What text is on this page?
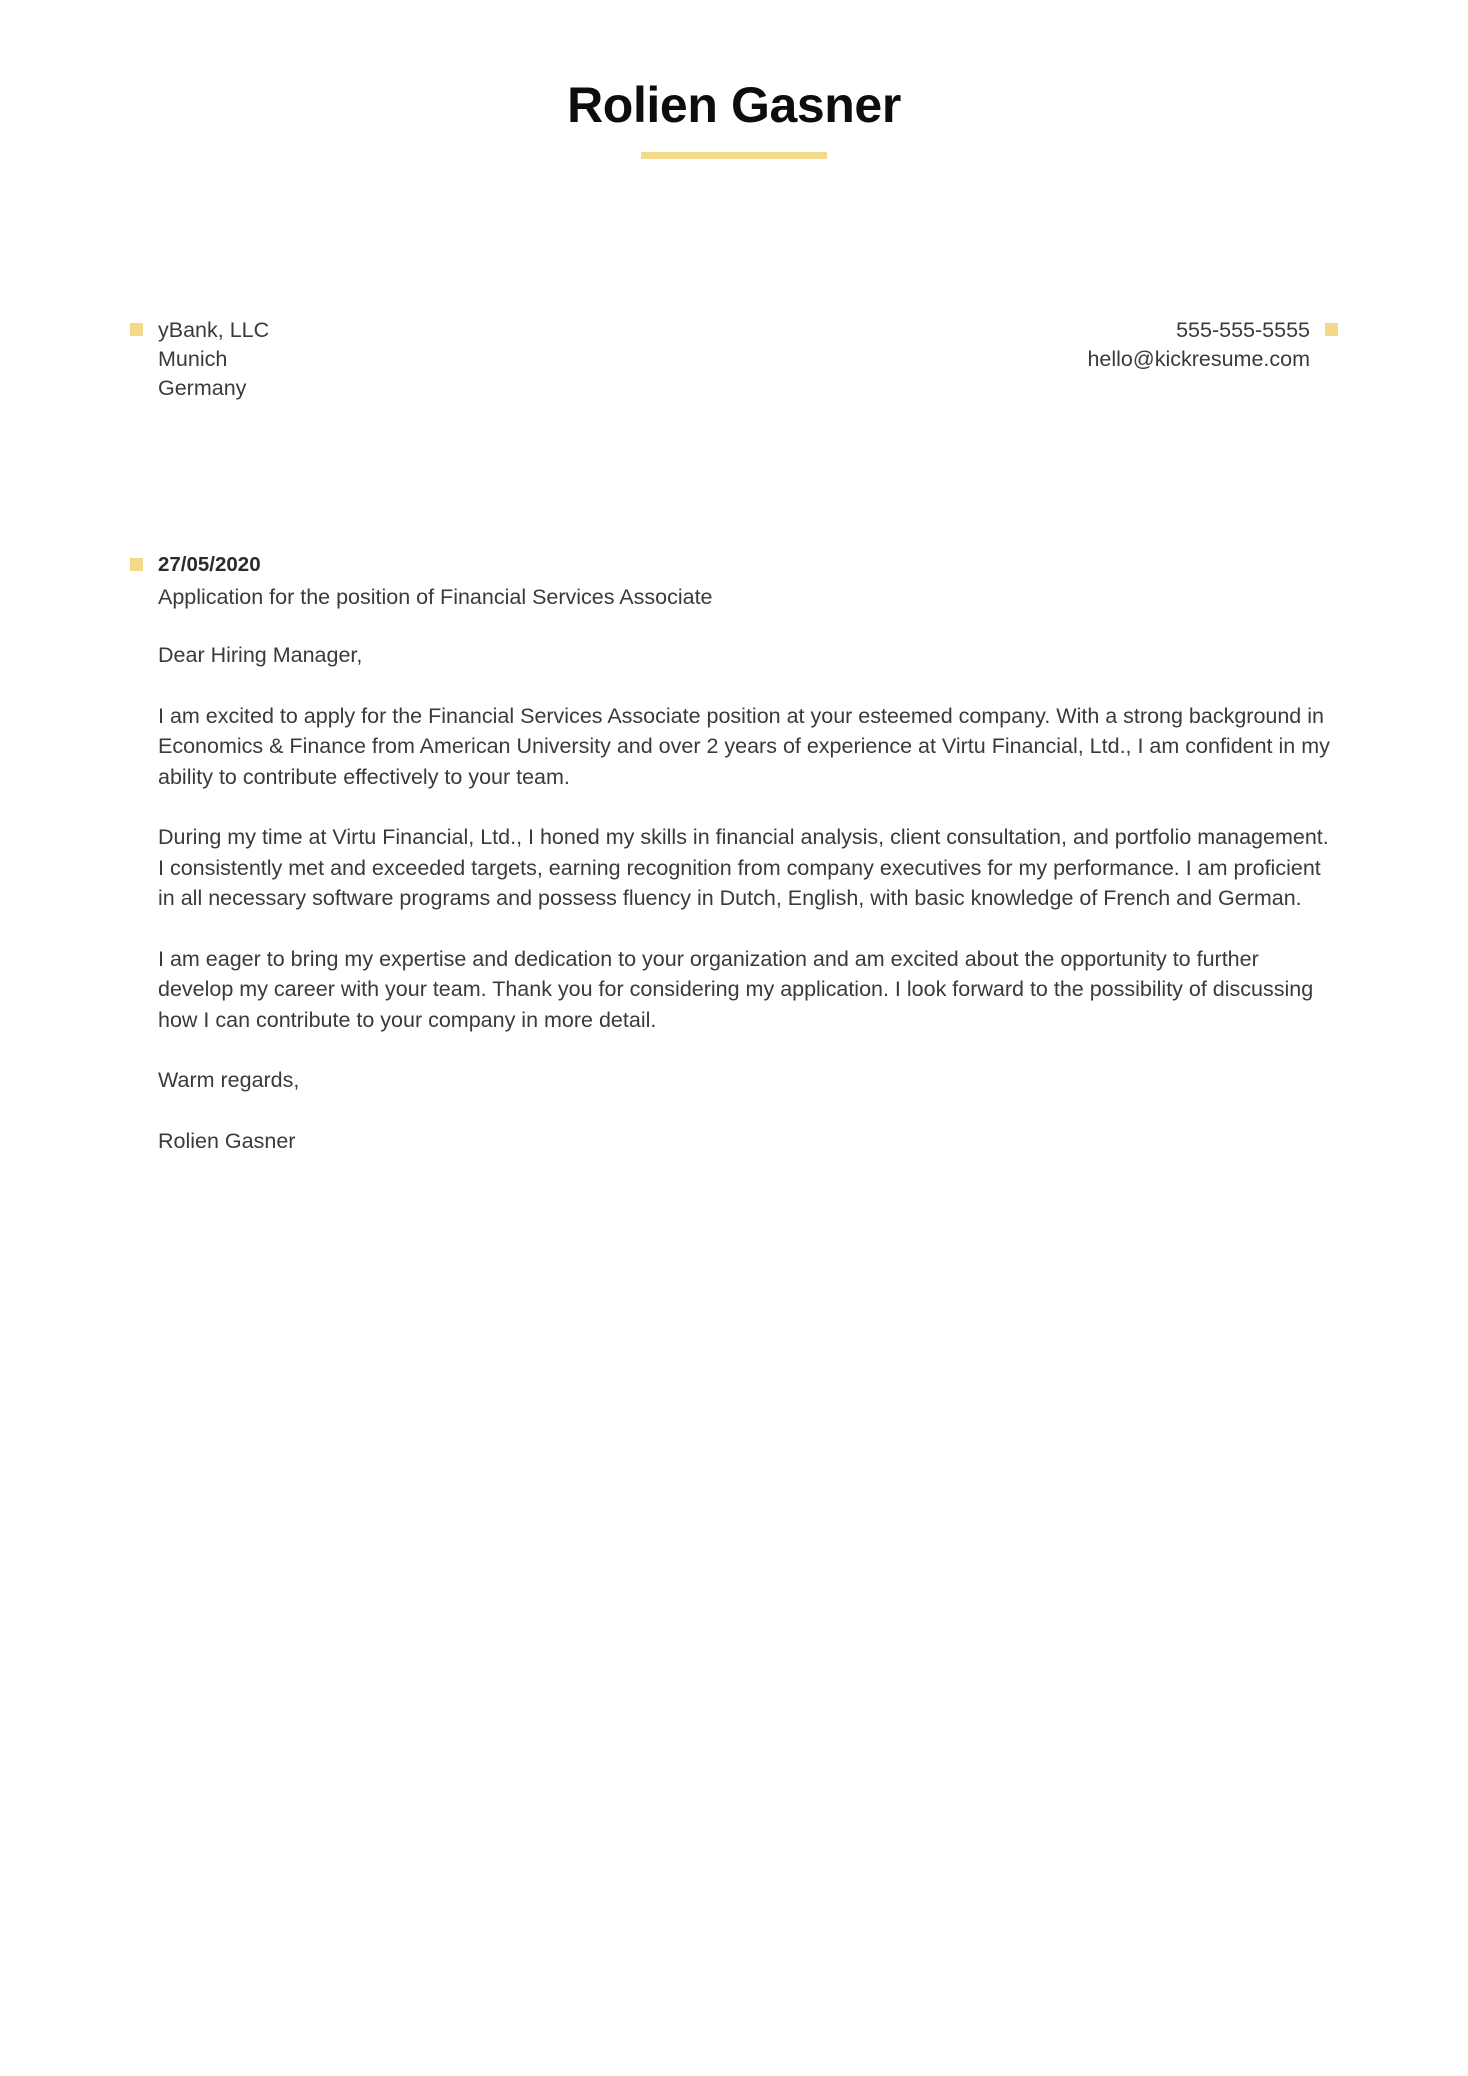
Rolien Gasner
yBank, LLC
Munich
Germany
555-555-5555
hello@kickresume.com
27/05/2020
Application for the position of Financial Services Associate

Dear Hiring Manager,

I am excited to apply for the Financial Services Associate position at your esteemed company. With a strong background in Economics & Finance from American University and over 2 years of experience at Virtu Financial, Ltd., I am confident in my ability to contribute effectively to your team.

During my time at Virtu Financial, Ltd., I honed my skills in financial analysis, client consultation, and portfolio management. I consistently met and exceeded targets, earning recognition from company executives for my performance. I am proficient in all necessary software programs and possess fluency in Dutch, English, with basic knowledge of French and German.

I am eager to bring my expertise and dedication to your organization and am excited about the opportunity to further develop my career with your team. Thank you for considering my application. I look forward to the possibility of discussing how I can contribute to your company in more detail.

Warm regards,

Rolien Gasner
